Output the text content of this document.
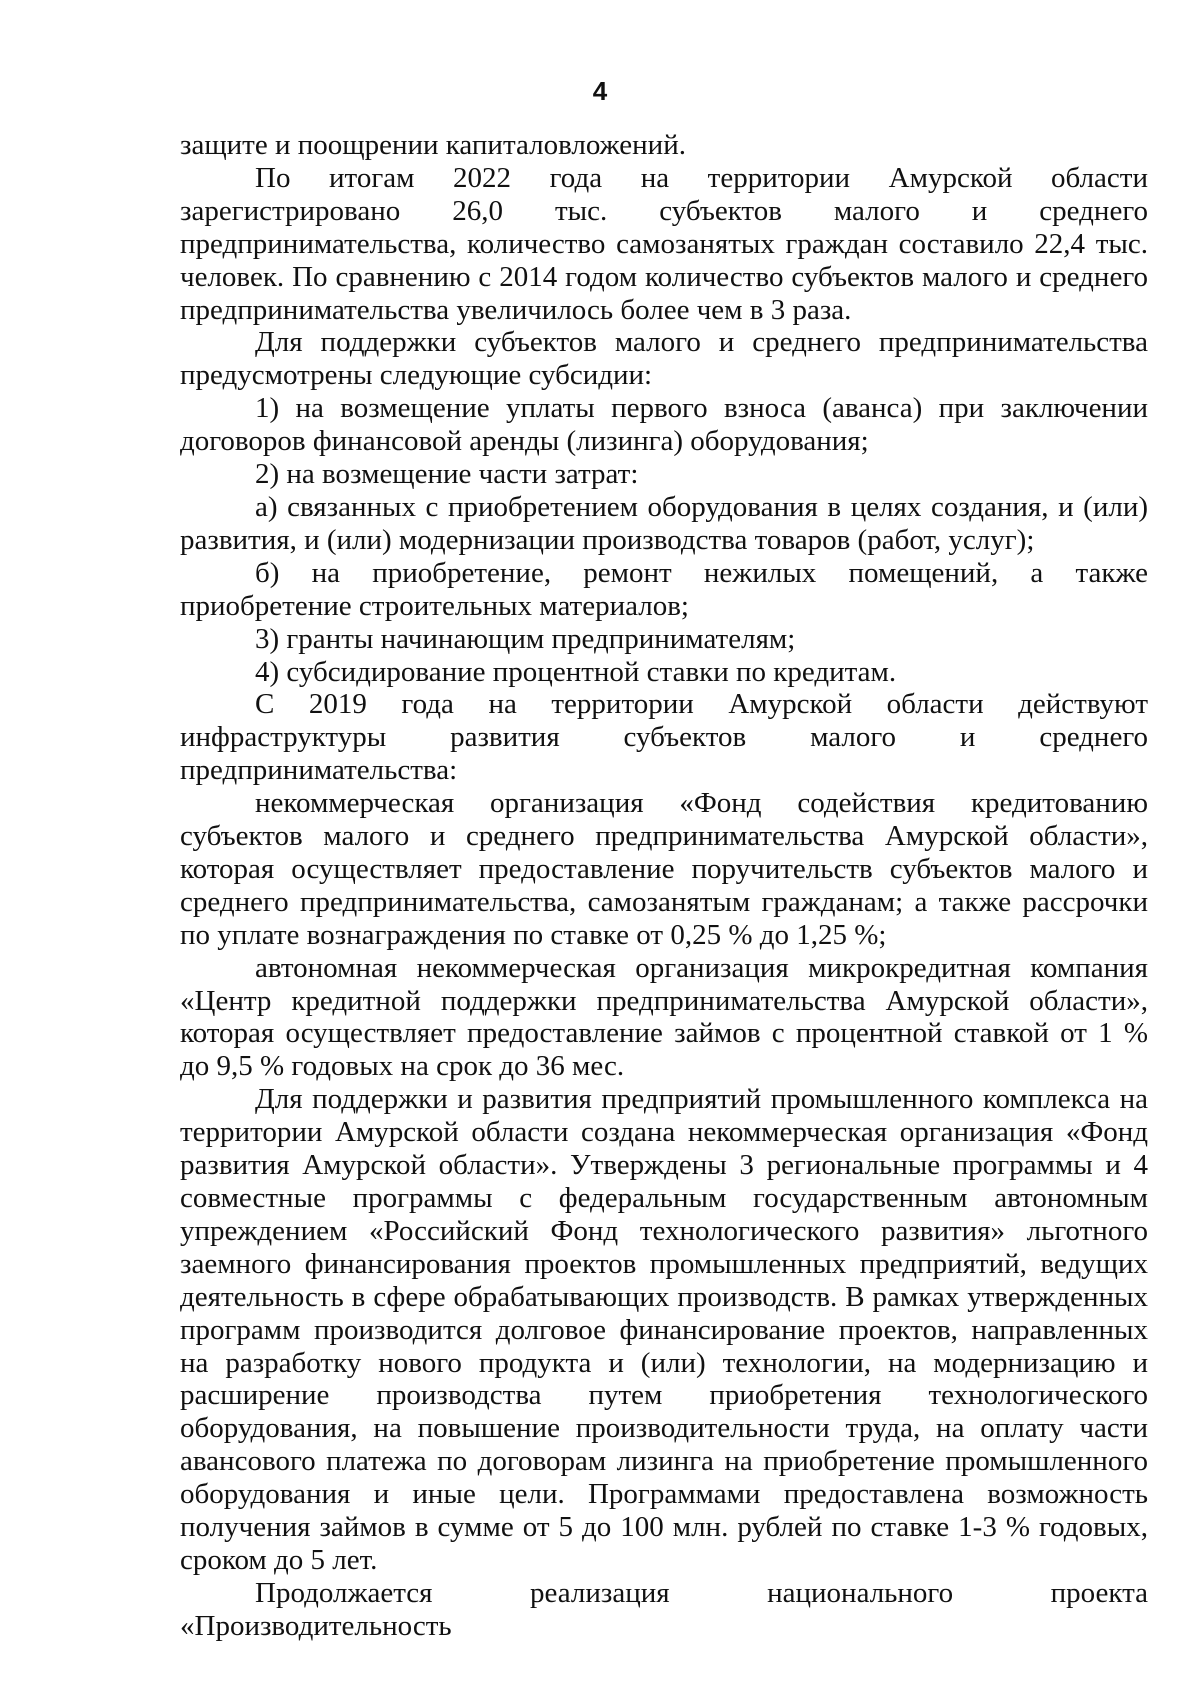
4

защите и поощрении капиталовложений.

По итогам 2022 года на территории Амурской области зарегистрировано 26,0 тыс. субъектов малого и среднего предпринимательства, количество самозанятых граждан составило 22,4 тыс. человек. По сравнению с 2014 годом количество субъектов малого и среднего предпринимательства увеличилось более чем в 3 раза.

Для поддержки субъектов малого и среднего предпринимательства предусмотрены следующие субсидии:

1) на возмещение уплаты первого взноса (аванса) при заключении договоров финансовой аренды (лизинга) оборудования;

2) на возмещение части затрат:

а) связанных с приобретением оборудования в целях создания, и (или) развития, и (или) модернизации производства товаров (работ, услуг);

б) на приобретение, ремонт нежилых помещений, а также приобретение строительных материалов;

3) гранты начинающим предпринимателям;

4) субсидирование процентной ставки по кредитам.

С 2019 года на территории Амурской области действуют инфраструктуры развития субъектов малого и среднего предпринимательства:

некоммерческая организация «Фонд содействия кредитованию субъектов малого и среднего предпринимательства Амурской области», которая осуществляет предоставление поручительств субъектов малого и среднего предпринимательства, самозанятым гражданам; а также рассрочки по уплате вознаграждения по ставке от 0,25 % до 1,25 %;

автономная некоммерческая организация микрокредитная компания «Центр кредитной поддержки предпринимательства Амурской области», которая осуществляет предоставление займов с процентной ставкой от 1 % до 9,5 % годовых на срок до 36 мес.

Для поддержки и развития предприятий промышленного комплекса на территории Амурской области создана некоммерческая организация «Фонд развития Амурской области». Утверждены 3 региональные программы и 4 совместные программы с федеральным государственным автономным упреждением «Российский Фонд технологического развития» льготного заемного финансирования проектов промышленных предприятий, ведущих деятельность в сфере обрабатывающих производств. В рамках утвержденных программ производится долговое финансирование проектов, направленных на разработку нового продукта и (или) технологии, на модернизацию и расширение производства путем приобретения технологического оборудования, на повышение производительности труда, на оплату части авансового платежа по договорам лизинга на приобретение промышленного оборудования и иные цели. Программами предоставлена возможность получения займов в сумме от 5 до 100 млн. рублей по ставке 1-3 % годовых, сроком до 5 лет.

Продолжается реализация национального проекта «Производительность
